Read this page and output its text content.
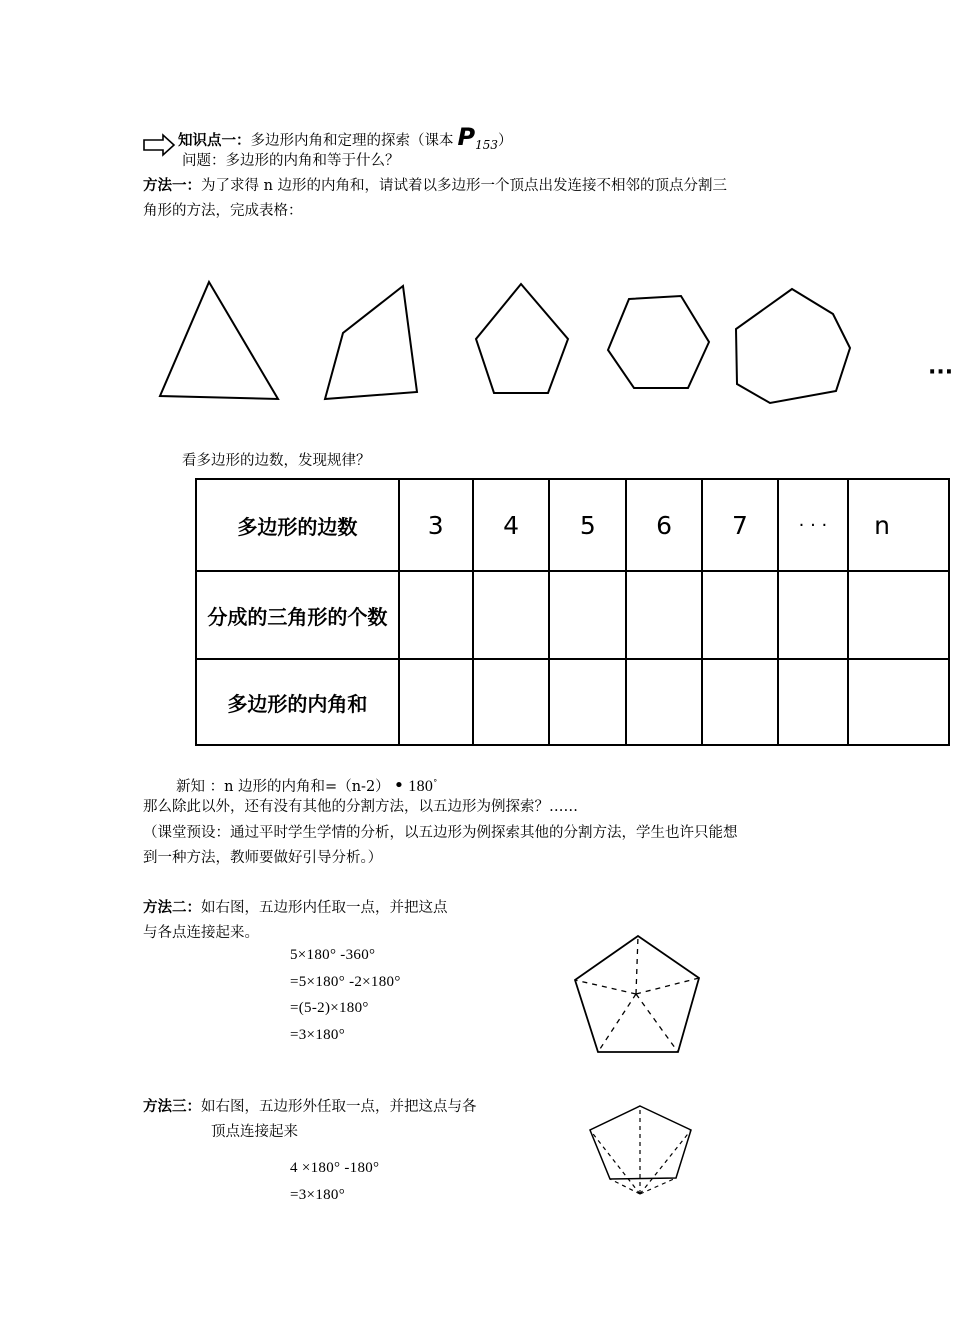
知识点一：多边形内角和定理的探索（课本 $P_{153}$）
问题：多边形的内角和等于什么？
方法一：为了求得 n 边形的内角和，请试着以多边形一个顶点出发连接不相邻的顶点分割三
角形的方法，完成表格：
···
看多边形的边数，发现规律？
多边形的边数	3	4	5	6	7	· · ·	n
分成的三角形的个数							
多边形的内角和							
新知 ：n 边形的内角和=（n-2） • 180°
那么除此以外，还有没有其他的分割方法，以五边形为例探索？……
（课堂预设：通过平时学生学情的分析，以五边形为例探索其他的分割方法，学生也许只能想
到一种方法，教师要做好引导分析。）
方法二：如右图，五边形内任取一点，并把这点
与各点连接起来。
5×180° -360°
=5×180° -2×180°
=(5-2)×180°
=3×180°
方法三：如右图，五边形外任取一点，并把这点与各
顶点连接起来
4 ×180° -180°
=3×180°
